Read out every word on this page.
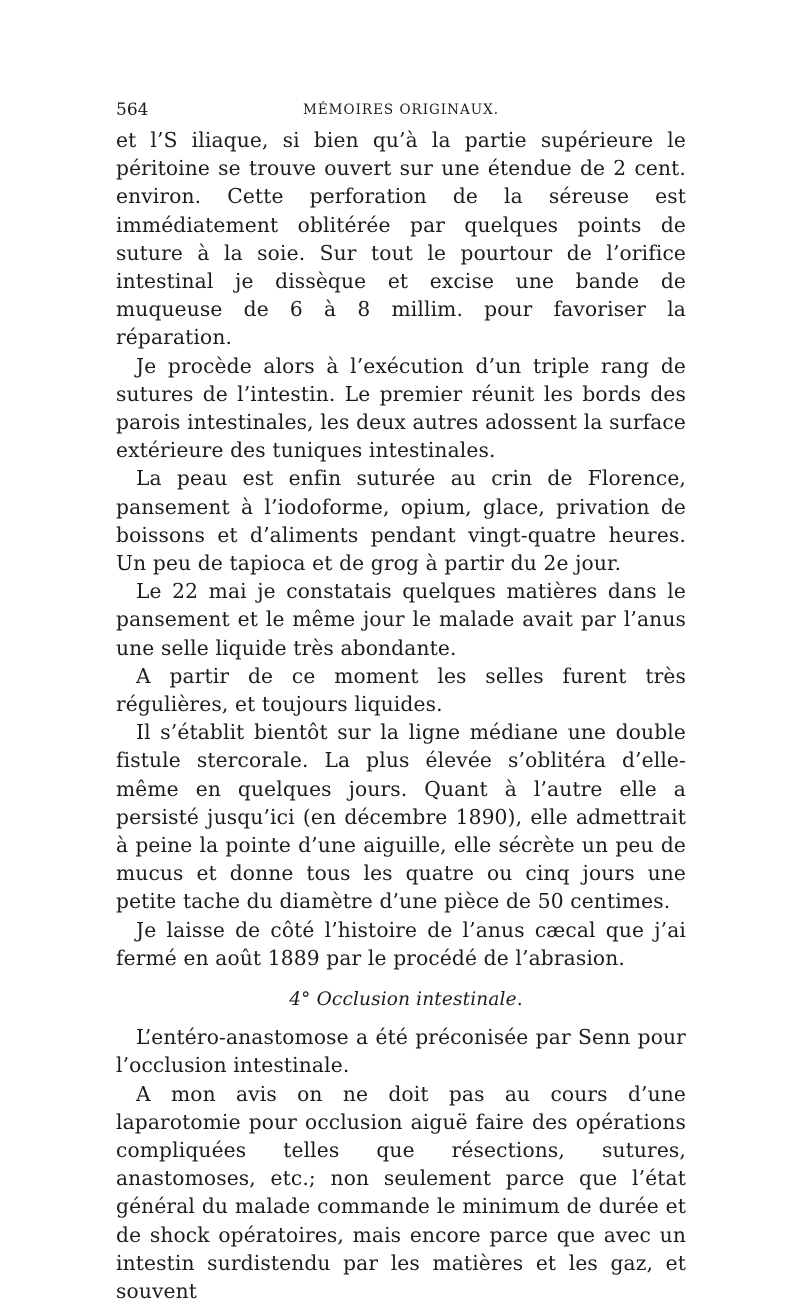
564	MÉMOIRES ORIGINAUX.

et l’S iliaque, si bien qu’à la partie supérieure le péritoine se trouve ouvert sur une étendue de 2 cent. environ. Cette perforation de la séreuse est immédiatement oblitérée par quelques points de suture à la soie. Sur tout le pourtour de l’orifice intestinal je dissèque et excise une bande de muqueuse de 6 à 8 millim. pour favoriser la réparation.

Je procède alors à l’exécution d’un triple rang de sutures de l’intestin. Le premier réunit les bords des parois intestinales, les deux autres adossent la surface extérieure des tuniques intestinales.

La peau est enfin suturée au crin de Florence, pansement à l’iodoforme, opium, glace, privation de boissons et d’aliments pendant vingt-quatre heures. Un peu de tapioca et de grog à partir du 2e jour.

Le 22 mai je constatais quelques matières dans le pansement et le même jour le malade avait par l’anus une selle liquide très abondante.

A partir de ce moment les selles furent très régulières, et toujours liquides.

Il s’établit bientôt sur la ligne médiane une double fistule stercorale. La plus élevée s’oblitéra d’elle-même en quelques jours. Quant à l’autre elle a persisté jusqu’ici (en décembre 1890), elle admettrait à peine la pointe d’une aiguille, elle sécrète un peu de mucus et donne tous les quatre ou cinq jours une petite tache du diamètre d’une pièce de 50 centimes.

Je laisse de côté l’histoire de l’anus cæcal que j’ai fermé en août 1889 par le procédé de l’abrasion.

4° Occlusion intestinale.

L’entéro-anastomose a été préconisée par Senn pour l’occlusion intestinale.

A mon avis on ne doit pas au cours d’une laparotomie pour occlusion aiguë faire des opérations compliquées telles que résections, sutures, anastomoses, etc.; non seulement parce que l’état général du malade commande le minimum de durée et de shock opératoires, mais encore parce que avec un intestin surdistendu par les matières et les gaz, et souvent
